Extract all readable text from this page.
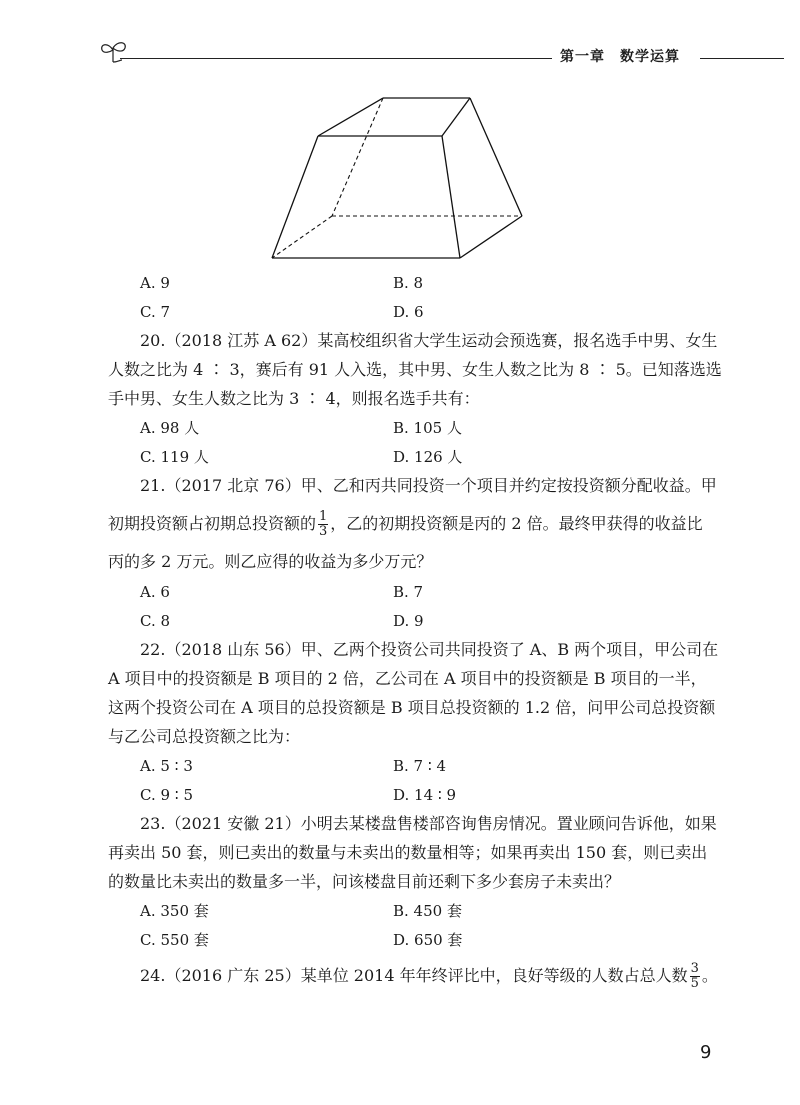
第一章　数学运算
A. 9	B. 8
C. 7	D. 6
20.（2018 江苏 A 62）某高校组织省大学生运动会预选赛，报名选手中男、女生
人数之比为 4 ∶ 3，赛后有 91 人入选，其中男、女生人数之比为 8 ∶ 5。已知落选选
手中男、女生人数之比为 3 ∶ 4，则报名选手共有：
A. 98 人	B. 105 人
C. 119 人	D. 126 人
21.（2017 北京 76）甲、乙和丙共同投资一个项目并约定按投资额分配收益。甲
初期投资额占初期总投资额的 $\frac{1}{3}$ ，乙的初期投资额是丙的 2 倍。最终甲获得的收益比
丙的多 2 万元。则乙应得的收益为多少万元？
A. 6	B. 7
C. 8	D. 9
22.（2018 山东 56）甲、乙两个投资公司共同投资了 A、B 两个项目，甲公司在
A 项目中的投资额是 B 项目的 2 倍，乙公司在 A 项目中的投资额是 B 项目的一半，
这两个投资公司在 A 项目的总投资额是 B 项目总投资额的 1.2 倍，问甲公司总投资额
与乙公司总投资额之比为：
A. 5 ∶ 3	B. 7 ∶ 4
C. 9 ∶ 5	D. 14 ∶ 9
23.（2021 安徽 21）小明去某楼盘售楼部咨询售房情况。置业顾问告诉他，如果
再卖出 50 套，则已卖出的数量与未卖出的数量相等；如果再卖出 150 套，则已卖出
的数量比未卖出的数量多一半，问该楼盘目前还剩下多少套房子未卖出？
A. 350 套	B. 450 套
C. 550 套	D. 650 套
24.（2016 广东 25）某单位 2014 年年终评比中，良好等级的人数占总人数 $\frac{3}{5}$ 。
9
